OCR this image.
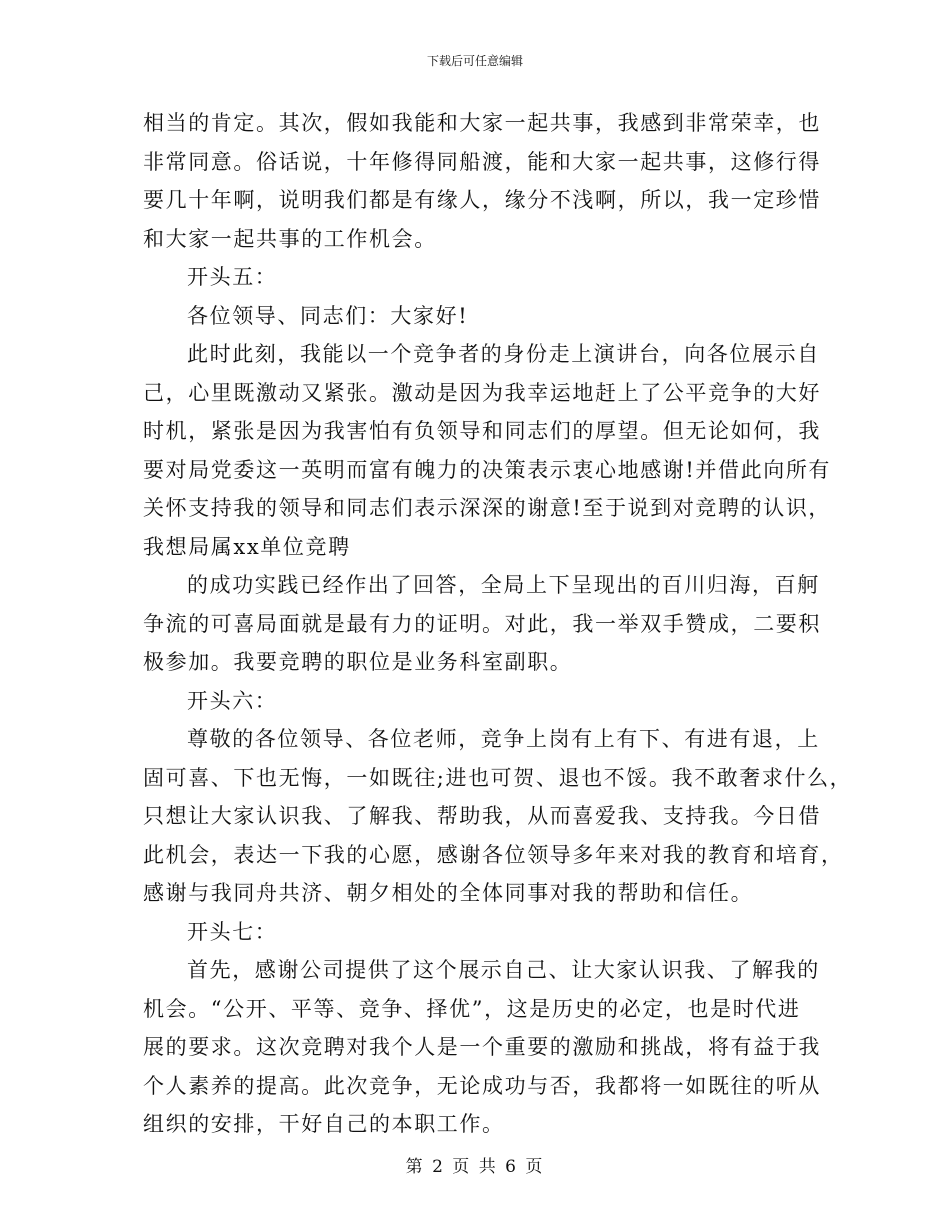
下载后可任意编辑
相当的肯定。其次，假如我能和大家一起共事，我感到非常荣幸，也
非常同意。俗话说，十年修得同船渡，能和大家一起共事，这修行得
要几十年啊，说明我们都是有缘人，缘分不浅啊，所以，我一定珍惜
和大家一起共事的工作机会。
开头五：
各位领导、同志们：大家好!
此时此刻，我能以一个竞争者的身份走上演讲台，向各位展示自
己，心里既激动又紧张。激动是因为我幸运地赶上了公平竞争的大好
时机，紧张是因为我害怕有负领导和同志们的厚望。但无论如何，我
要对局党委这一英明而富有魄力的决策表示衷心地感谢!并借此向所有
关怀支持我的领导和同志们表示深深的谢意!至于说到对竞聘的认识，
我想局属xx单位竞聘
的成功实践已经作出了回答，全局上下呈现出的百川归海，百舸
争流的可喜局面就是最有力的证明。对此，我一举双手赞成，二要积
极参加。我要竞聘的职位是业务科室副职。
开头六：
尊敬的各位领导、各位老师，竞争上岗有上有下、有进有退，上
固可喜、下也无悔，一如既往;进也可贺、退也不馁。我不敢奢求什么，
只想让大家认识我、了解我、帮助我，从而喜爱我、支持我。今日借
此机会，表达一下我的心愿，感谢各位领导多年来对我的教育和培育，
感谢与我同舟共济、朝夕相处的全体同事对我的帮助和信任。
开头七：
首先，感谢公司提供了这个展示自己、让大家认识我、了解我的
机会。“公开、平等、竞争、择优”，这是历史的必定，也是时代进
展的要求。这次竞聘对我个人是一个重要的激励和挑战，将有益于我
个人素养的提高。此次竞争，无论成功与否，我都将一如既往的听从
组织的安排，干好自己的本职工作。
第 2 页 共 6 页
